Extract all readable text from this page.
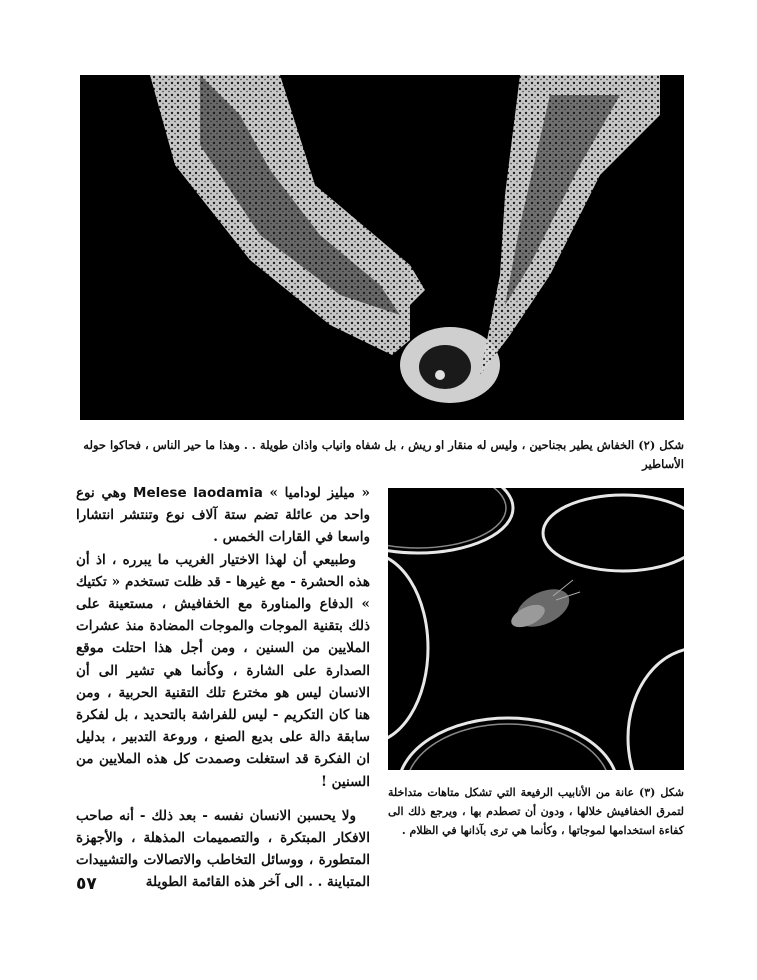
شكل (٢) الخفاش يطير بجناحين ، وليس له منقار او ريش ، بل شفاه وانياب واذان طويلة . . وهذا ما حير الناس ، فحاكوا حوله الأساطير
شكل (٣) عانة من الأنابيب الرفيعة التي تشكل متاهات متداخلة لتمرق الخفافيش خلالها ، ودون أن تصطدم بها ، ويرجع ذلك الى كفاءة استخدامها لموجاتها ، وكأنما هي ترى بآذانها في الظلام .

« ميليز لوداميا » Melese laodamia وهي نوع واحد من عائلة تضم ستة آلاف نوع وتنتشر انتشارا واسعا في القارات الخمس .

وطبيعي أن لهذا الاختيار الغريب ما يبرره ، اذ أن هذه الحشرة - مع غيرها - قد ظلت تستخدم « تكتيك » الدفاع والمناورة مع الخفافيش ، مستعينة على ذلك بتقنية الموجات والموجات المضادة منذ عشرات الملايين من السنين ، ومن أجل هذا احتلت موقع الصدارة على الشارة ، وكأنما هي تشير الى أن الانسان ليس هو مخترع تلك التقنية الحربية ، ومن هنا كان التكريم - ليس للفراشة بالتحديد ، بل لفكرة سابقة دالة على بديع الصنع ، وروعة التدبير ، بدليل ان الفكرة قد استغلت وصمدت كل هذه الملايين من السنين !

ولا يحسبن الانسان نفسه - بعد ذلك - أنه صاحب الافكار المبتكرة ، والتصميمات المذهلة ، والأجهزة المتطورة ، ووسائل التخاطب والاتصالات والتشييدات المتباينة . . الى آخر هذه القائمة الطويلة

٥٧
